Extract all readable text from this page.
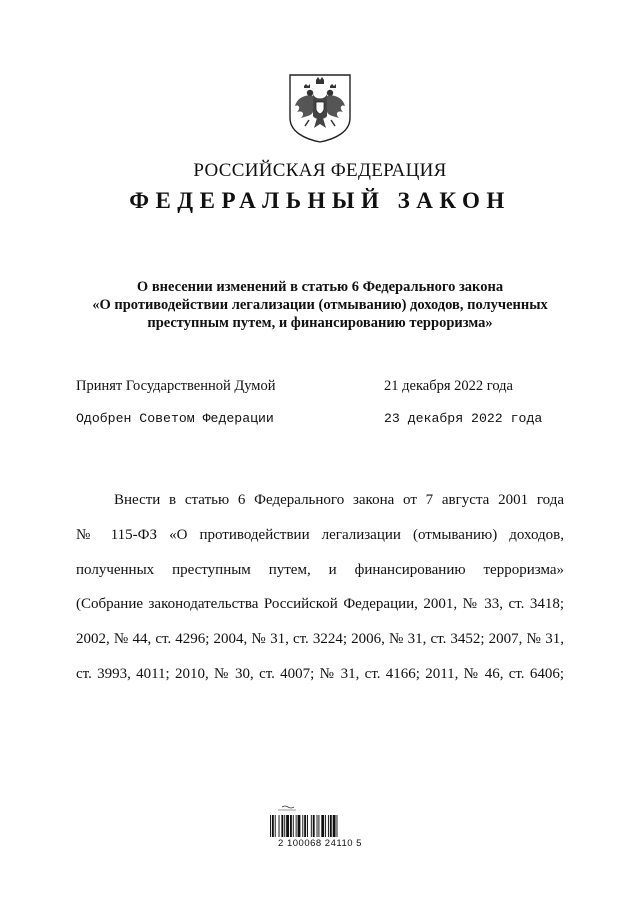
РОССИЙСКАЯ ФЕДЕРАЦИЯ
ФЕДЕРАЛЬНЫЙ ЗАКОН
О внесении изменений в статью 6 Федерального закона
«О противодействии легализации (отмыванию) доходов, полученных
преступным путем, и финансированию терроризма»
Принят Государственной Думой	21 декабря 2022 года
Одобрен Советом Федерации	23 декабря 2022 года
Внести в статью 6 Федерального закона от 7 августа 2001 года
№ 115-ФЗ «О противодействии легализации (отмыванию) доходов,
полученных преступным путем, и финансированию терроризма»
(Собрание законодательства Российской Федерации, 2001, № 33, ст. 3418;
2002, № 44, ст. 4296; 2004, № 31, ст. 3224; 2006, № 31, ст. 3452; 2007, № 31,
ст. 3993, 4011; 2010, № 30, ст. 4007; № 31, ст. 4166; 2011, № 46, ст. 6406;
2 100068 24110 5
